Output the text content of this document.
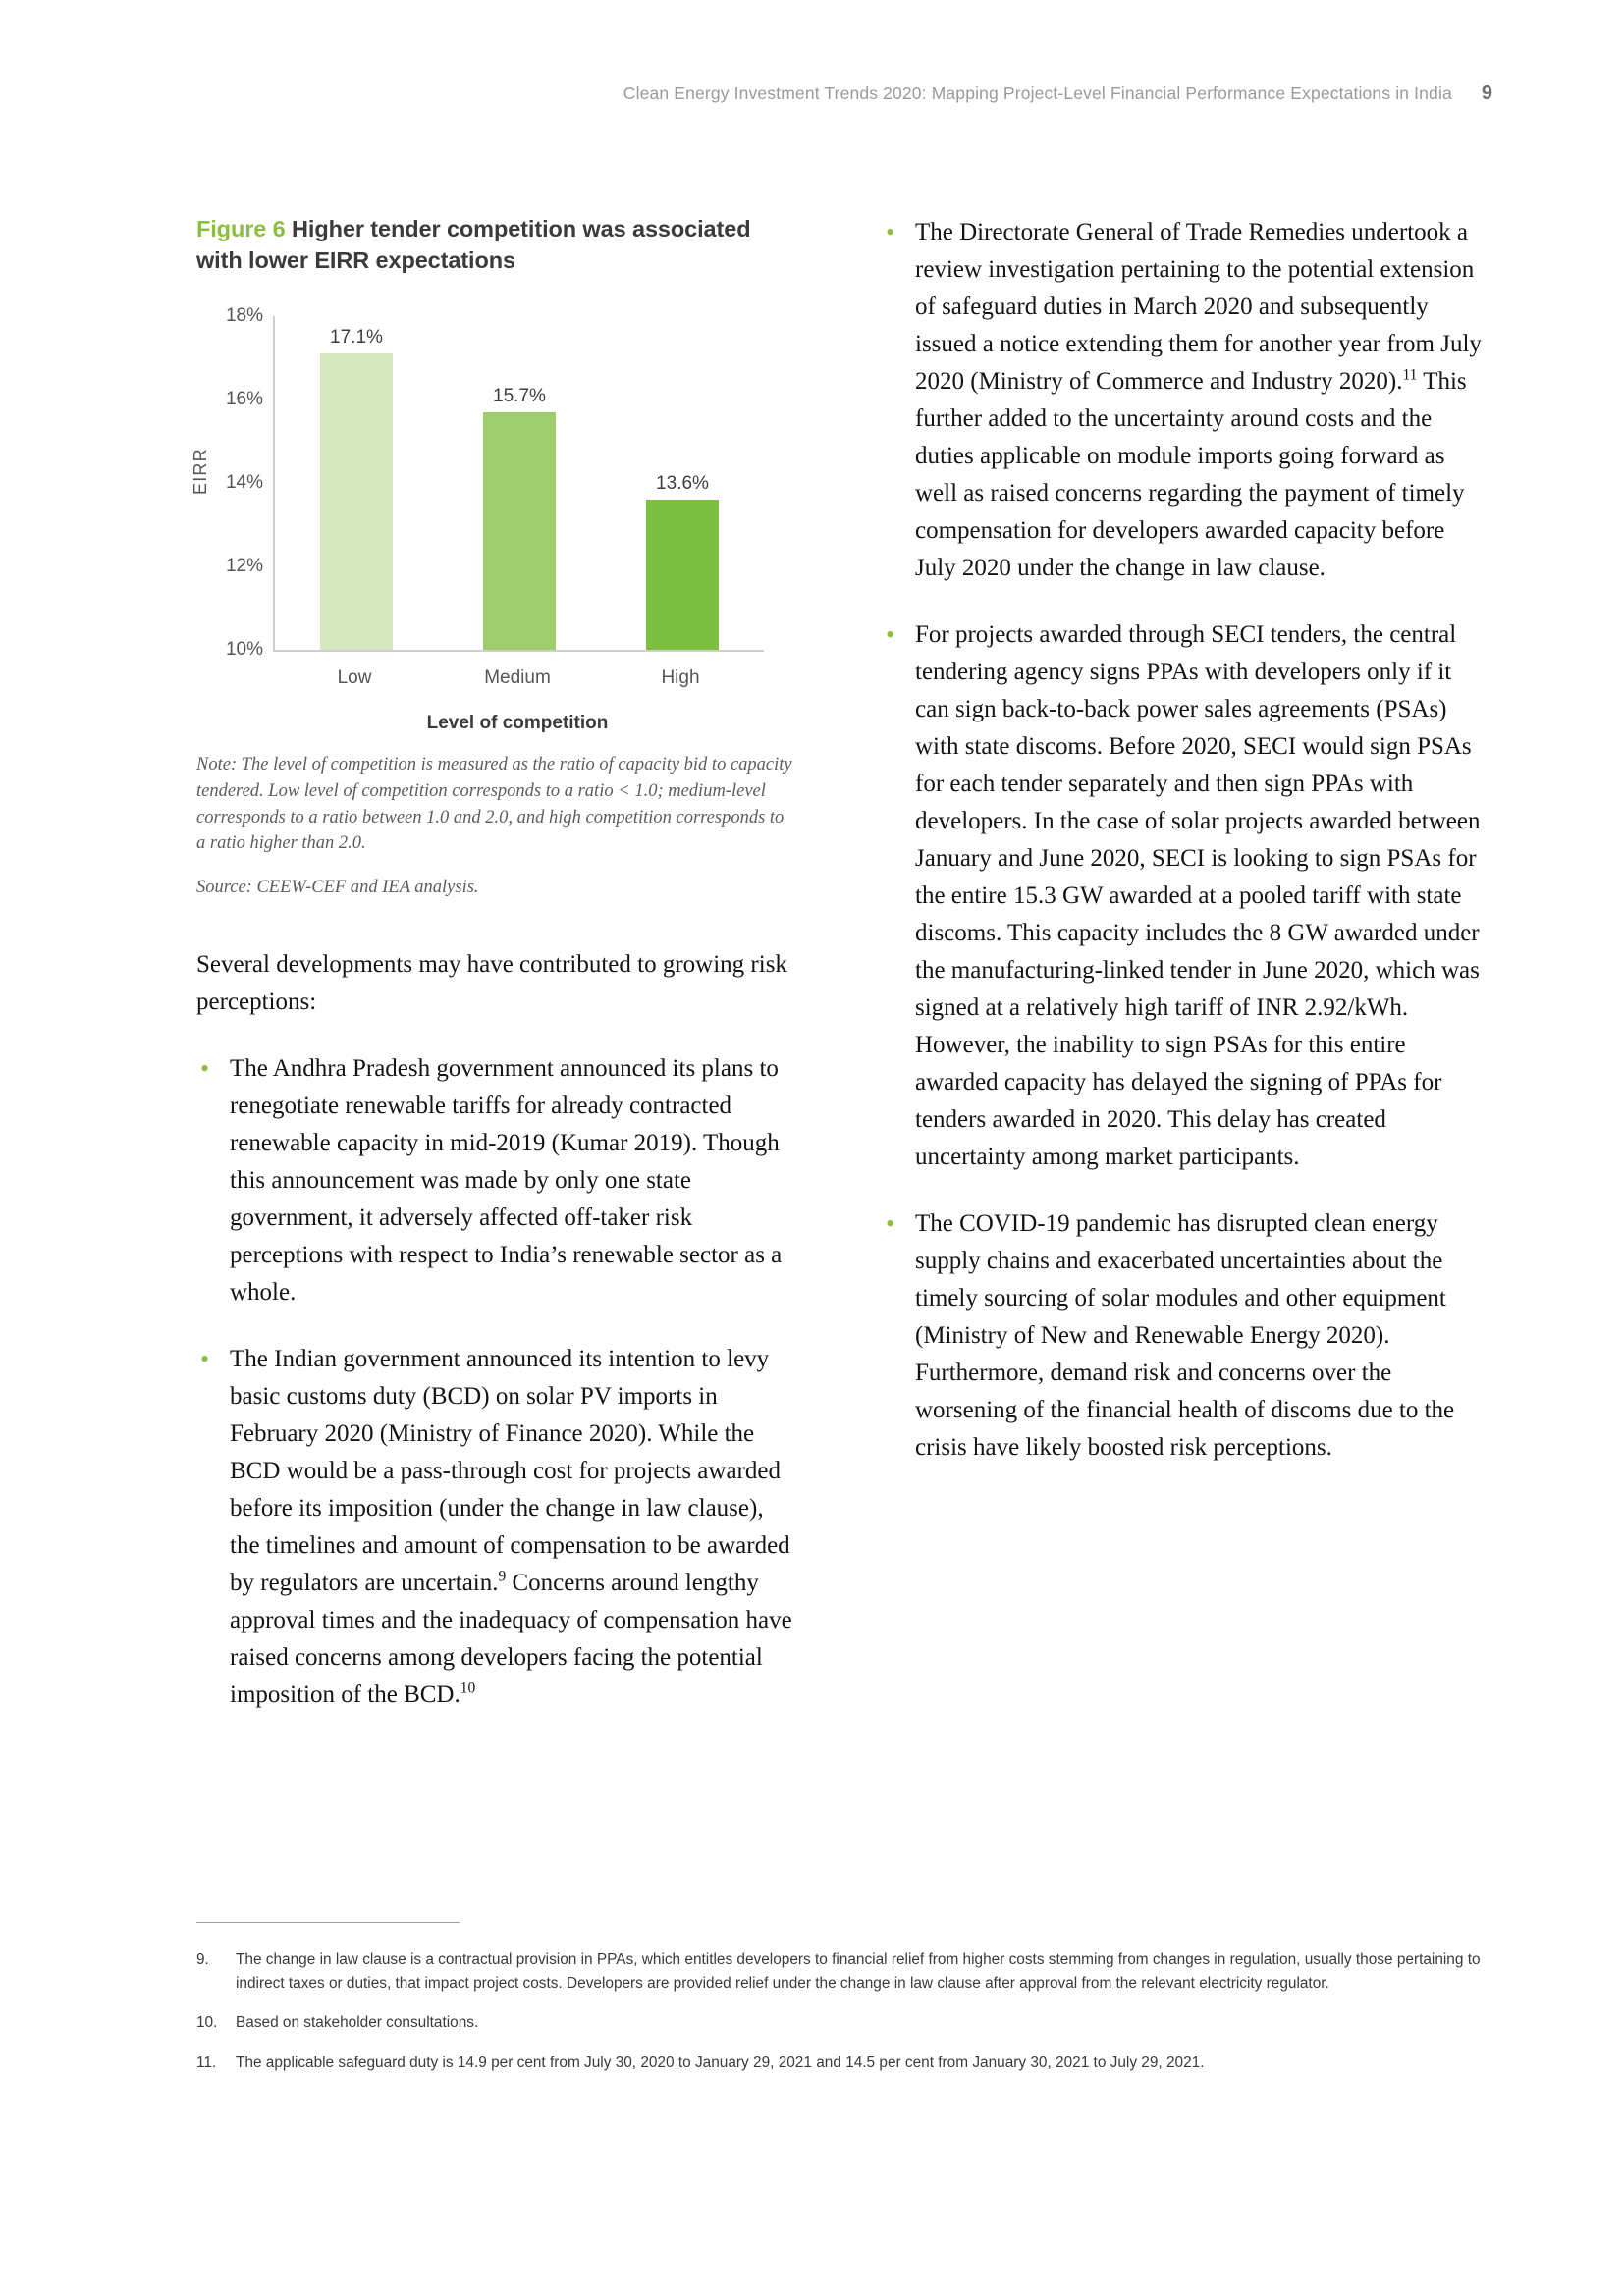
Clean Energy Investment Trends 2020: Mapping Project-Level Financial Performance Expectations in India 9
Figure 6 Higher tender competition was associated with lower EIRR expectations
EIRR
18%
16%
14%
12%
10%
17.1%
15.7%
13.6%
Low	Medium	High
Level of competition

Note: The level of competition is measured as the ratio of capacity bid to capacity tendered. Low level of competition corresponds to a ratio < 1.0; medium-level corresponds to a ratio between 1.0 and 2.0, and high competition corresponds to a ratio higher than 2.0.

Source: CEEW-CEF and IEA analysis.

Several developments may have contributed to growing risk perceptions:

• The Andhra Pradesh government announced its plans to renegotiate renewable tariffs for already contracted renewable capacity in mid-2019 (Kumar 2019). Though this announcement was made by only one state government, it adversely affected off-taker risk perceptions with respect to India’s renewable sector as a whole.
• The Indian government announced its intention to levy basic customs duty (BCD) on solar PV imports in February 2020 (Ministry of Finance 2020). While the BCD would be a pass-through cost for projects awarded before its imposition (under the change in law clause), the timelines and amount of compensation to be awarded by regulators are uncertain.$^9$ Concerns around lengthy approval times and the inadequacy of compensation have raised concerns among developers facing the potential imposition of the BCD.$^{10}$
• The Directorate General of Trade Remedies undertook a review investigation pertaining to the potential extension of safeguard duties in March 2020 and subsequently issued a notice extending them for another year from July 2020 (Ministry of Commerce and Industry 2020).$^{11}$ This further added to the uncertainty around costs and the duties applicable on module imports going forward as well as raised concerns regarding the payment of timely compensation for developers awarded capacity before July 2020 under the change in law clause.
• For projects awarded through SECI tenders, the central tendering agency signs PPAs with developers only if it can sign back-to-back power sales agreements (PSAs) with state discoms. Before 2020, SECI would sign PSAs for each tender separately and then sign PPAs with developers. In the case of solar projects awarded between January and June 2020, SECI is looking to sign PSAs for the entire 15.3 GW awarded at a pooled tariff with state discoms. This capacity includes the 8 GW awarded under the manufacturing-linked tender in June 2020, which was signed at a relatively high tariff of INR 2.92/kWh. However, the inability to sign PSAs for this entire awarded capacity has delayed the signing of PPAs for tenders awarded in 2020. This delay has created uncertainty among market participants.
• The COVID-19 pandemic has disrupted clean energy supply chains and exacerbated uncertainties about the timely sourcing of solar modules and other equipment (Ministry of New and Renewable Energy 2020). Furthermore, demand risk and concerns over the worsening of the financial health of discoms due to the crisis have likely boosted risk perceptions.
9.	The change in law clause is a contractual provision in PPAs, which entitles developers to financial relief from higher costs stemming from changes in regulation, usually those pertaining to indirect taxes or duties, that impact project costs. Developers are provided relief under the change in law clause after approval from the relevant electricity regulator.
10.	Based on stakeholder consultations.
11.	The applicable safeguard duty is 14.9 per cent from July 30, 2020 to January 29, 2021 and 14.5 per cent from January 30, 2021 to July 29, 2021.
